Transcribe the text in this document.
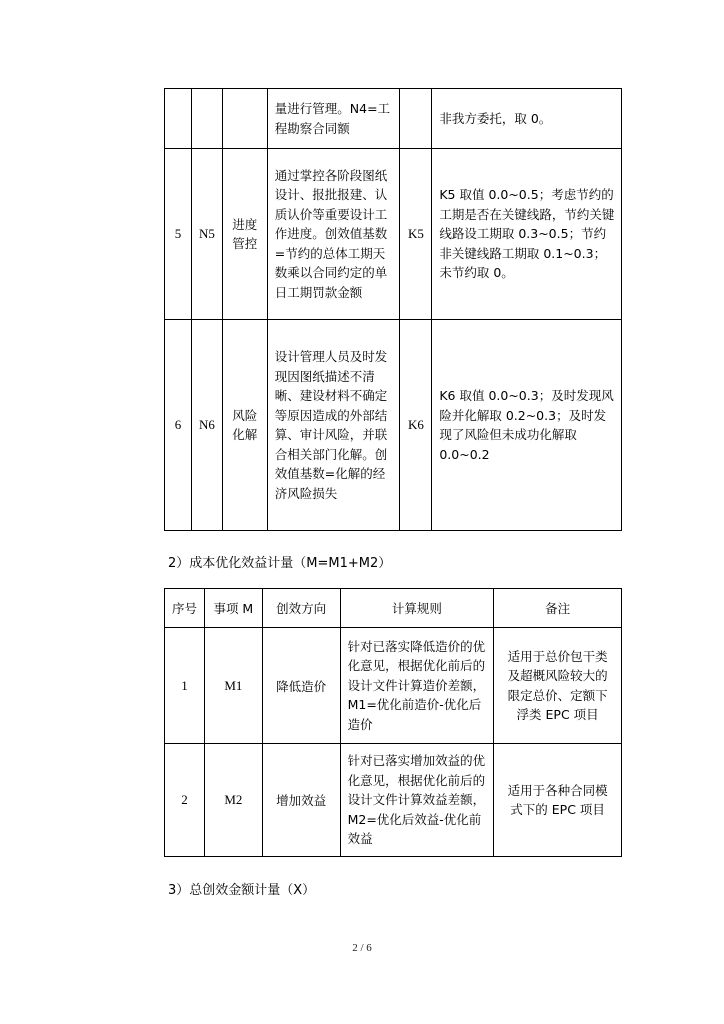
			量进行管理。N4=工程勘察合同额		非我方委托，取 0。
5	N5	进度管控	通过掌控各阶段图纸设计、报批报建、认质认价等重要设计工作进度。创效值基数=节约的总体工期天数乘以合同约定的单日工期罚款金额	K5	K5 取值 0.0~0.5；考虑节约的工期是否在关键线路，节约关键线路设工期取 0.3~0.5；节约非关键线路工期取 0.1~0.3；未节约取 0。
6	N6	风险化解	设计管理人员及时发现因图纸描述不清晰、建设材料不确定等原因造成的外部结算、审计风险，并联合相关部门化解。创效值基数=化解的经济风险损失	K6	K6 取值 0.0~0.3；及时发现风险并化解取 0.2~0.3；及时发现了风险但未成功化解取 0.0~0.2
2）成本优化效益计量（M=M1+M2）
序号	事项 M	创效方向	计算规则	备注
1	M1	降低造价	针对已落实降低造价的优化意见，根据优化前后的设计文件计算造价差额，M1=优化前造价-优化后造价	适用于总价包干类及超概风险较大的限定总价、定额下浮类 EPC 项目
2	M2	增加效益	针对已落实增加效益的优化意见，根据优化前后的设计文件计算效益差额，M2=优化后效益-优化前效益	适用于各种合同模式下的 EPC 项目
3）总创效金额计量（X）
2 / 6
